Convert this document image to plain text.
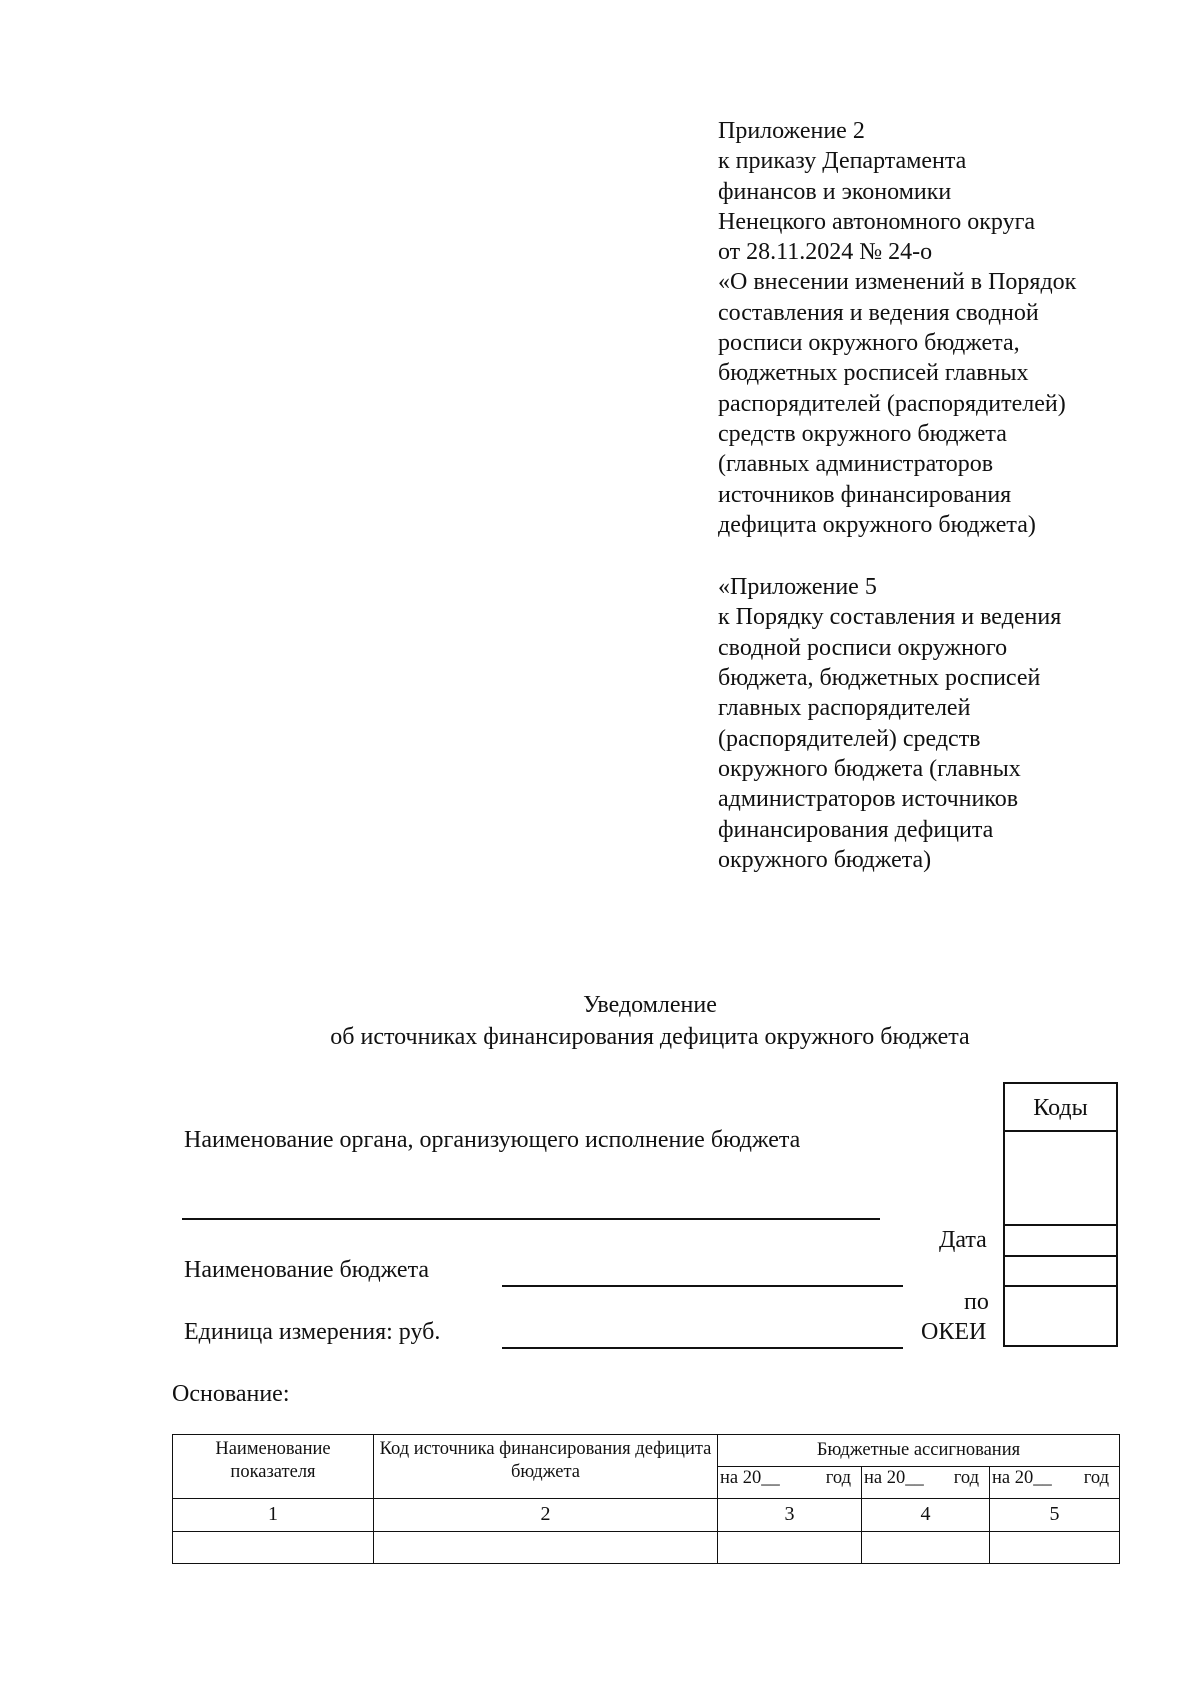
Приложение 2
к приказу Департамента
финансов и экономики
Ненецкого автономного округа
от 28.11.2024 № 24-о
«О внесении изменений в Порядок
составления и ведения сводной
росписи окружного бюджета,
бюджетных росписей главных
распорядителей (распорядителей)
средств окружного бюджета
(главных администраторов
источников финансирования
дефицита окружного бюджета)
«Приложение 5
к Порядку составления и ведения
сводной росписи окружного
бюджета, бюджетных росписей
главных распорядителей
(распорядителей) средств
окружного бюджета (главных
администраторов источников
финансирования дефицита
окружного бюджета)
Уведомление
об источниках финансирования дефицита окружного бюджета
Наименование органа, организующего исполнение бюджета
Дата
Наименование бюджета
по
ОКЕИ
Единица измерения: руб.
Коды
Основание:
Наименование показателя	Код источника финансирования дефицита бюджета	Бюджетные ассигнования		

		на 20__ год	на 20__ год	на 20__ год

1	2	3	4	5
